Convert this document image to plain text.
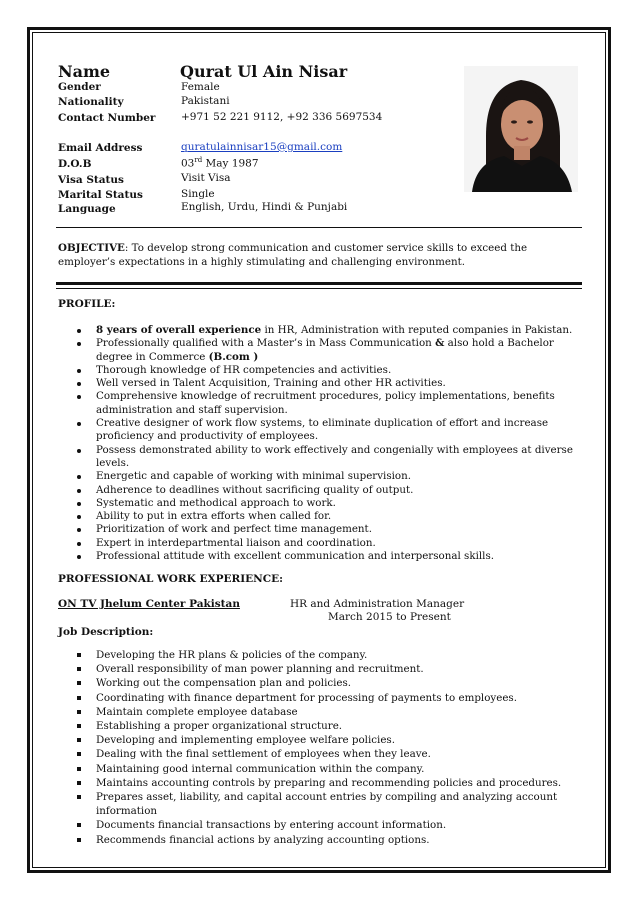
Name	Qurat Ul Ain Nisar
Gender	Female
Nationality	Pakistani
Contact Number +971 52 221 9112, +92 336 5697534
Email Address	quratulainnisar15@gmail.com
D.O.B	03rd May 1987
Visa Status	Visit Visa
Marital Status	Single
Language	English, Urdu, Hindi & Punjabi
OBJECTIVE: To develop strong communication and customer service skills to exceed the
employer’s expectations in a highly stimulating and challenging environment.
PROFILE:
8 years of overall experience in HR, Administration with reputed companies in Pakistan.
Professionally qualified with a Master’s in Mass Communication & also hold a Bachelor degree in Commerce (B.com )
Thorough knowledge of HR competencies and activities.
Well versed in Talent Acquisition, Training and other HR activities.
Comprehensive knowledge of recruitment procedures, policy implementations, benefits administration and staff supervision.
Creative designer of work flow systems, to eliminate duplication of effort and increase proficiency and productivity of employees.
Possess demonstrated ability to work effectively and congenially with employees at diverse levels.
Energetic and capable of working with minimal supervision.
Adherence to deadlines without sacrificing quality of output.
Systematic and methodical approach to work.
Ability to put in extra efforts when called for.
Prioritization of work and perfect time management.
Expert in interdepartmental liaison and coordination.
Professional attitude with excellent communication and interpersonal skills.
PROFESSIONAL WORK EXPERIENCE:
ON TV Jhelum Center Pakistan	HR and Administration Manager
March 2015 to Present
Job Description:
Developing the HR plans & policies of the company.
Overall responsibility of man power planning and recruitment.
Working out the compensation plan and policies.
Coordinating with finance department for processing of payments to employees.
Maintain complete employee database
Establishing a proper organizational structure.
Developing and implementing employee welfare policies.
Dealing with the final settlement of employees when they leave.
Maintaining good internal communication within the company.
Maintains accounting controls by preparing and recommending policies and procedures.
Prepares asset, liability, and capital account entries by compiling and analyzing account information
Documents financial transactions by entering account information.
Recommends financial actions by analyzing accounting options.
